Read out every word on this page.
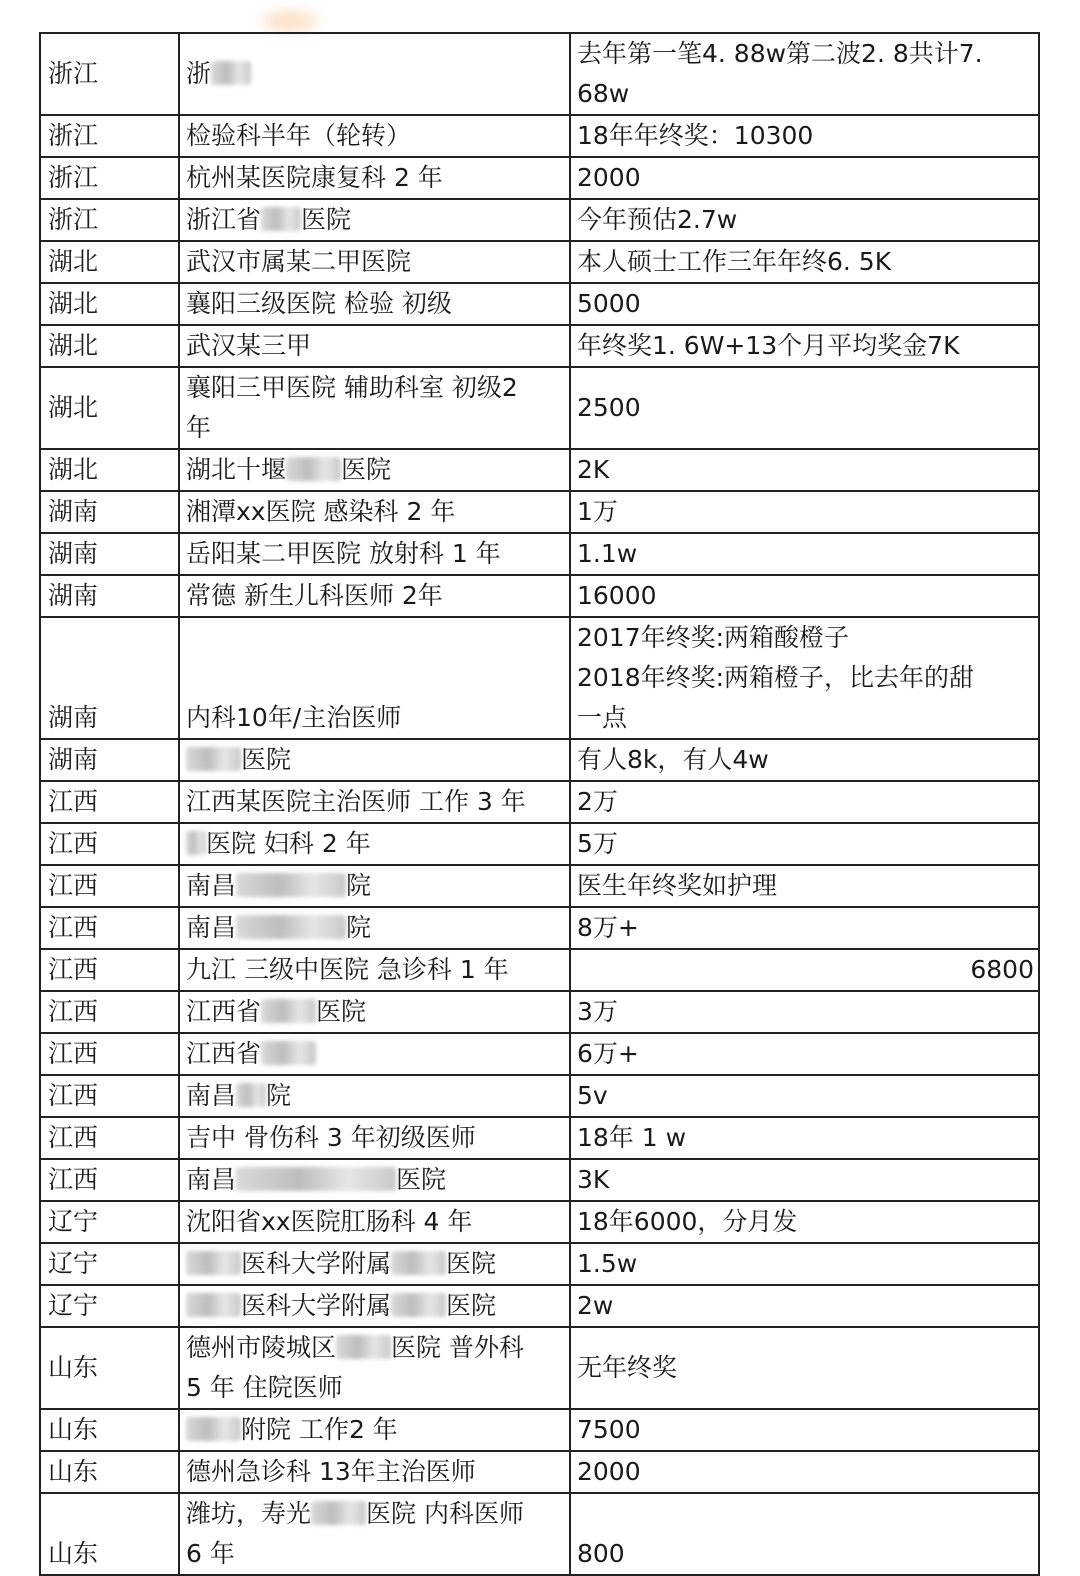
浙江	浙	去年第一笔4. 88w第二波2. 8共计7.
68w

浙江	检验科半年（轮转）	18年年终奖：10300
浙江	杭州某医院康复科 2 年	2000
浙江	浙江省 医院	今年预估2.7w
湖北	武汉市属某二甲医院	本人硕士工作三年年终6. 5K
湖北	襄阳三级医院 检验 初级	5000
湖北	武汉某三甲	年终奖1. 6W+13个月平均奖金7K
湖北	襄阳三甲医院 辅助科室 初级2
年	2500
湖北	湖北十堰 医院	2K
湖南	湘潭xx医院 感染科 2 年	1万
湖南	岳阳某二甲医院 放射科 1 年	1.1w
湖南	常德 新生儿科医师 2年	16000
湖南	内科10年/主治医师	2017年终奖:两箱酸橙子
2018年终奖:两箱橙子，比去年的甜
一点

湖南	医院	有人8k，有人4w
江西	江西某医院主治医师 工作 3 年	2万
江西	医院 妇科 2 年	5万
江西	南昌 院	医生年终奖如护理
江西	南昌 院	8万+
江西	九江 三级中医院 急诊科 1 年	6800
江西	江西省 医院	3万
江西	江西省	6万+
江西	南昌 院	5v
江西	吉中 骨伤科 3 年初级医师	18年 1 w
江西	南昌 医院	3K
辽宁	沈阳省xx医院肛肠科 4 年	18年6000，分月发
辽宁	医科大学附属 医院	1.5w
辽宁	医科大学附属 医院	2w
山东	德州市陵城区 医院 普外科
5 年 住院医师	无年终奖
山东	附院 工作2 年	7500
山东	德州急诊科 13年主治医师	2000
山东	潍坊，寿光 医院 内科医师
6 年	800
